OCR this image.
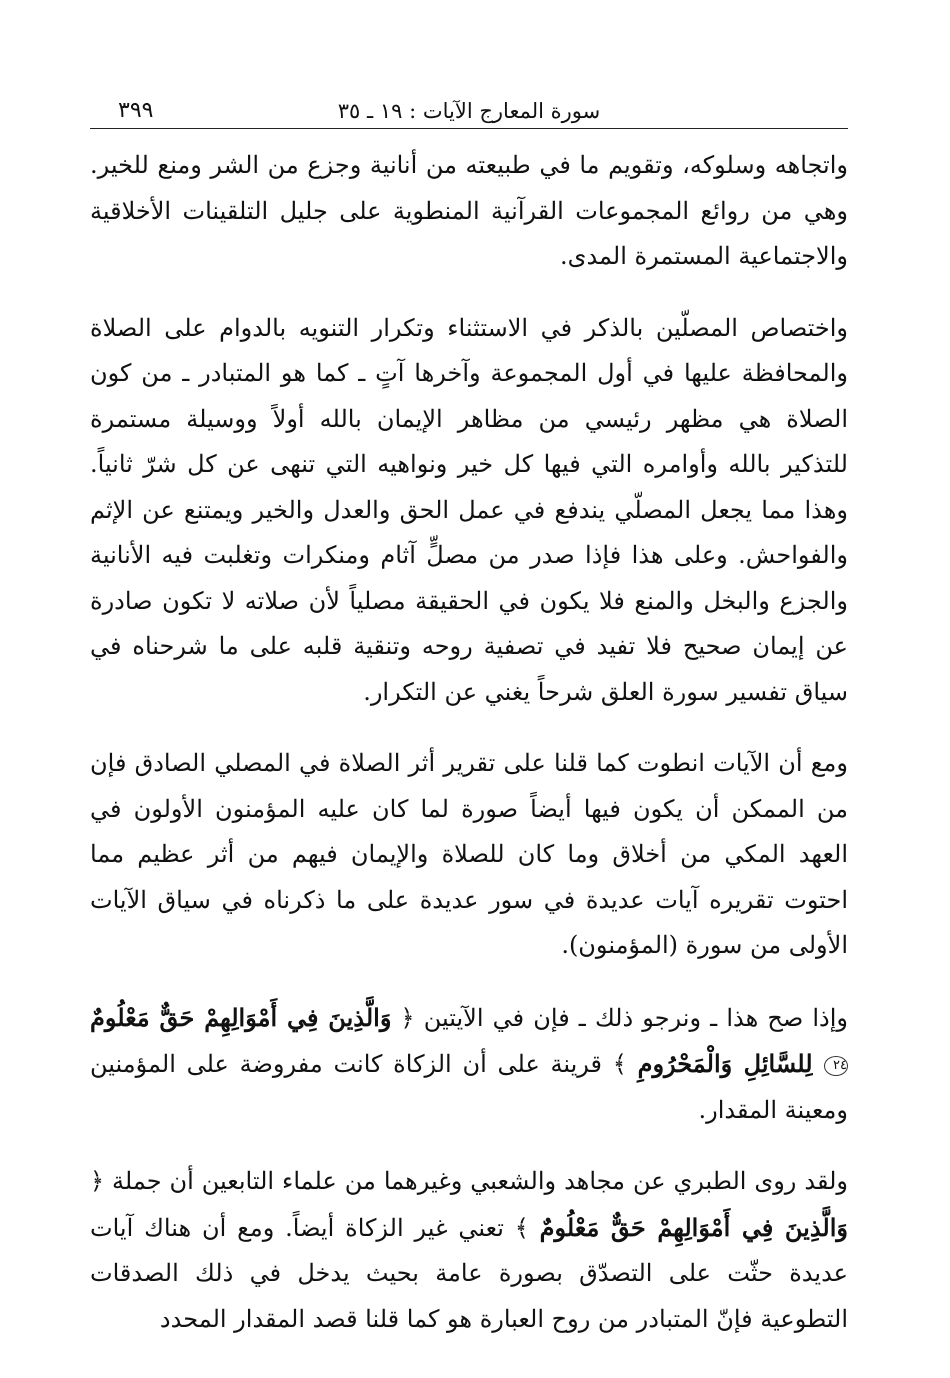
سورة المعارج الآيات : ١٩ ـ ٣٥
٣٩٩

واتجاهه وسلوكه، وتقويم ما في طبيعته من أنانية وجزع من الشر ومنع للخير. وهي من روائع المجموعات القرآنية المنطوية على جليل التلقينات الأخلاقية والاجتماعية المستمرة المدى.

واختصاص المصلّين بالذكر في الاستثناء وتكرار التنويه بالدوام على الصلاة والمحافظة عليها في أول المجموعة وآخرها آتٍ ـ كما هو المتبادر ـ من كون الصلاة هي مظهر رئيسي من مظاهر الإيمان بالله أولاً ووسيلة مستمرة للتذكير بالله وأوامره التي فيها كل خير ونواهيه التي تنهى عن كل شرّ ثانياً. وهذا مما يجعل المصلّي يندفع في عمل الحق والعدل والخير ويمتنع عن الإثم والفواحش. وعلى هذا فإذا صدر من مصلٍّ آثام ومنكرات وتغلبت فيه الأنانية والجزع والبخل والمنع فلا يكون في الحقيقة مصلياً لأن صلاته لا تكون صادرة عن إيمان صحيح فلا تفيد في تصفية روحه وتنقية قلبه على ما شرحناه في سياق تفسير سورة العلق شرحاً يغني عن التكرار.

ومع أن الآيات انطوت كما قلنا على تقرير أثر الصلاة في المصلي الصادق فإن من الممكن أن يكون فيها أيضاً صورة لما كان عليه المؤمنون الأولون في العهد المكي من أخلاق وما كان للصلاة والإيمان فيهم من أثر عظيم مما احتوت تقريره آيات عديدة في سور عديدة على ما ذكرناه في سياق الآيات الأولى من سورة (المؤمنون).

وإذا صح هذا ـ ونرجو ذلك ـ فإن في الآيتين ﴿ وَالَّذِينَ فِي أَمْوَالِهِمْ حَقٌّ مَعْلُومٌ ٢٤ لِلسَّائِلِ وَالْمَحْرُومِ ﴾ قرينة على أن الزكاة كانت مفروضة على المؤمنين ومعينة المقدار.

ولقد روى الطبري عن مجاهد والشعبي وغيرهما من علماء التابعين أن جملة ﴿ وَالَّذِينَ فِي أَمْوَالِهِمْ حَقٌّ مَعْلُومٌ ﴾ تعني غير الزكاة أيضاً. ومع أن هناك آيات عديدة حثّت على التصدّق بصورة عامة بحيث يدخل في ذلك الصدقات التطوعية فإنّ المتبادر من روح العبارة هو كما قلنا قصد المقدار المحدد
